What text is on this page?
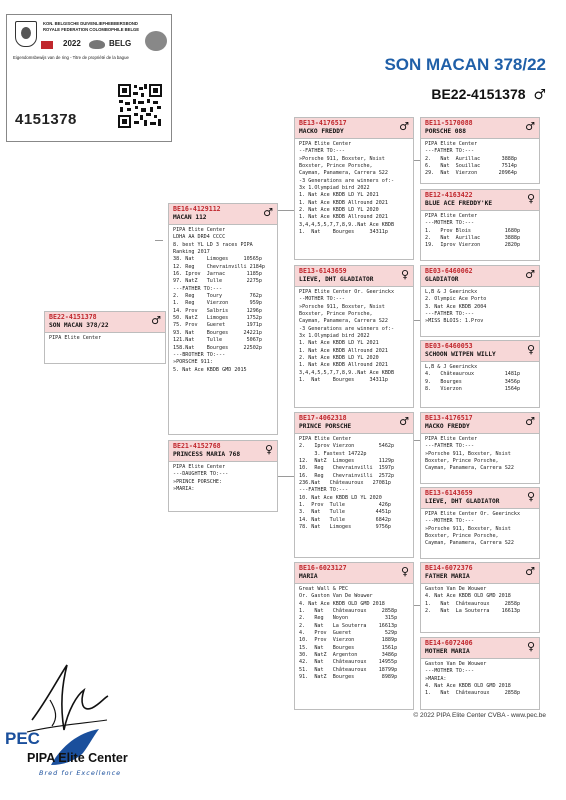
KON. BELGISCHE DUIVENLIEFHEBBERSBOND
ROYALE FEDERATION COLOMBOPHILE BELGE
2022	BELG
Eigendomsbewijs van de ring - Titre de propriété de la bague
4151378
SON MACAN 378/22
BE22-4151378 ♂
BE22-4151378
SON MACAN 378/22	♂
PIPA Elite Center
BE16-4129112
MACAN 112	♂
PIPA Elite Center
LDHA AA DRD4 CCCC
8. best YL LD 3 races PIPA
Ranking 2017
38. Nat    Limoges     10565p
12. Reg    Chevrainvilli 2184p
16. Iprov  Jarnac       1185p
97. NatZ   Tulle        2275p
---FATHER TO:---
2.  Reg    Toury         762p
1.  Reg    Vierzon       959p
14. Prov   Salbris      1296p
50. NatZ   Limoges      1752p
75. Prov   Gueret       1971p
93. Nat    Bourges     24221p
121.Nat    Tulle        5067p
158.Nat    Bourges     22502p
---BROTHER TO:---
»PORSCHE 911:
5. Nat Ace KBDB GMD 2015
BE21-4152768
PRINCESS MARIA 768 ♀
PIPA Elite Center
---DAUGHTER TO:---
»PRINCE PORSCHE:
»MARIA:
BE13-4176517
MACKO FREDDY	♂
PIPA Elite Center
--FATHER TO:---
»Porsche 911, Boxster, Nsist
Boxster, Prince Porsche,
Cayman, Panamera, Carrera S22
-3 Generations are winners of:-
3x 1.Olympiad bird 2022
1. Nat Ace KBDB LD YL 2021
1. Nat Ace KBDB Allround 2021
2. Nat Ace KBDB LD YL 2020
1. Nat Ace KBDB Allround 2021
3,4,4,5,5,7,7,8,9..Nat Ace KBDB
1.  Nat    Bourges     34311p
BE13-6143659
LIEVE, DHT GLADIATOR ♀
PIPA Elite Center Or. Geerinckx
--MOTHER TO:---
»Porsche 911, Boxster, Nsist
Boxster, Prince Porsche,
Cayman, Panamera, Carrera S22
-3 Generations are winners of:-
3x 1.Olympiad bird 2022
1. Nat Ace KBDB LD YL 2021
1. Nat Ace KBDB Allround 2021
2. Nat Ace KBDB LD YL 2020
1. Nat Ace KBDB Allround 2021
3,4,4,5,5,7,7,8,9..Nat Ace KBDB
1.  Nat    Bourges     34311p
BE17-4062318
PRINCE PORSCHE	♂
PIPA Elite Center
2.   Iprov Vierzon        5462p
3. Fastest 14722p
12.  NatZ  Limoges        1129p
10.  Reg   Chevrainvilli  1597p
16.  Reg   Chevrainvilli  2572p
236.Nat   Châteauroux   27081p
---FATHER TO:---
10. Nat Ace KBDB LD YL 2020
1.  Prov  Tulle           426p
3.  Nat   Tulle          4451p
14. Nat   Tulle          6842p
78. Nat   Limoges        9756p
BE16-6023127
MARIA	♀
Great Wall & PEC
Or. Gaston Van De Wouwer
4. Nat Ace KBDB OLD GMD 2018
1.   Nat   Châteauroux     2858p
2.   Reg   Noyon            315p
2.   Nat   La Souterra    16613p
4.   Prov  Gueret           529p
10.  Prov  Vierzon         1889p
15.  Nat   Bourges         1561p
30.  NatZ  Argenton        3486p
42.  Nat   Châteauroux    14955p
51.  Nat   Châteauroux    18799p
91.  NatZ  Bourges         8989p
BE11-5170088
PORSCHE 088	♂
PIPA Elite Center
---FATHER TO:---
2.   Nat  Aurillac       3888p
6.   Nat  Souillac       7514p
29.  Nat  Vierzon       20964p
BE12-4163422
BLUE ACE FREDDY'KE	♀
PIPA Elite Center
---MOTHER TO:---
1.   Prov Blois           1680p
2.   Nat  Aurillac        3888p
19.  Iprov Vierzon        2820p
BE03-6460062
GLADIATOR	♂
L,B & J Geerinckx
2. Olympic Ace Porto
3. Nat Ace KBDB 2004
---FATHER TO:---
»MISS BLOIS: 1.Prov
BE03-6460053
SCHOON WITPEN WILLY	♀
L,B & J Geerinckx
4.   Châteauroux          1481p
9.   Bourges              3456p
8.   Vierzon              1564p
BE13-4176517
MACKO FREDDY	♂
PIPA Elite Center
---FATHER TO:---
»Porsche 911, Boxster, Nsist
Boxster, Prince Porsche,
Cayman, Panamera, Carrera S22
BE13-6143659
LIEVE, DHT GLADIATOR ♀
PIPA Elite Center Or. Geerinckx
---MOTHER TO:---
»Porsche 911, Boxster, Nsist
Boxster, Prince Porsche,
Cayman, Panamera, Carrera S22
BE14-6072376
FATHER MARIA	♂
Gaston Van De Wouwer
4. Nat Ace KBDB OLD GMD 2018
1.   Nat  Châteauroux     2858p
2.   Nat  La Souterra    16613p
BE14-6072406
MOTHER MARIA	♀
Gaston Van De Wouwer
---MOTHER TO:---
»MARIA:
4. Nat Ace KBDB OLD GMD 2018
1.   Nat  Châteauroux     2858p
© 2022 PIPA Elite Center CVBA - www.pec.be
PEC
PIPA Elite Center
Bred for Excellence
